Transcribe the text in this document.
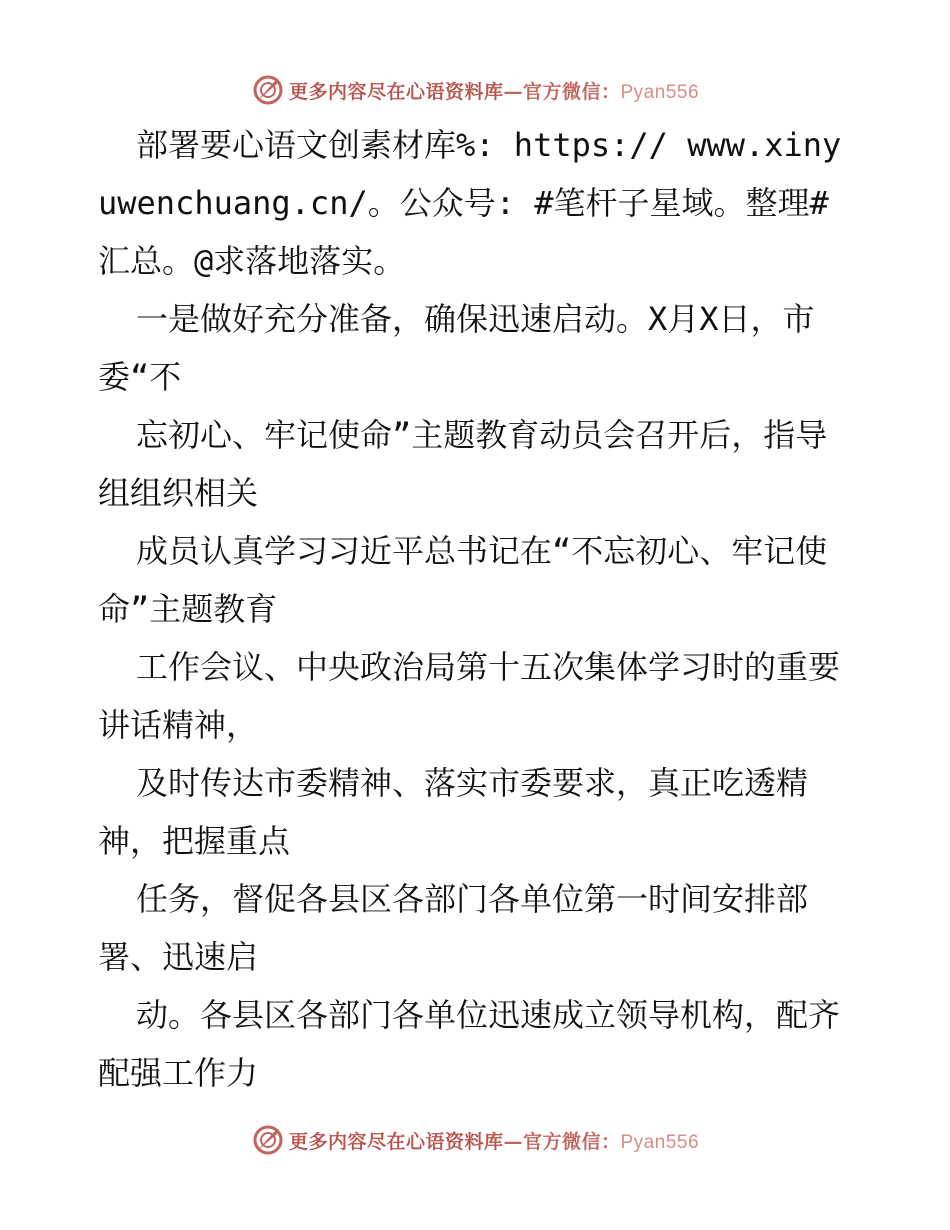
更多内容尽在心语资料库—官方微信：Pyan556

部署要心语文创素材库%: https:// www.xinyuwenchuang.cn/。公众号: #笔杆子星域。整理#汇总。@求落地落实。

一是做好充分准备，确保迅速启动。X月X日，市委“不

忘初心、牢记使命”主题教育动员会召开后，指导组组织相关

成员认真学习习近平总书记在“不忘初心、牢记使命”主题教育

工作会议、中央政治局第十五次集体学习时的重要讲话精神，

及时传达市委精神、落实市委要求，真正吃透精神，把握重点

任务，督促各县区各部门各单位第一时间安排部署、迅速启

动。各县区各部门各单位迅速成立领导机构，配齐配强工作力

更多内容尽在心语资料库—官方微信：Pyan556
